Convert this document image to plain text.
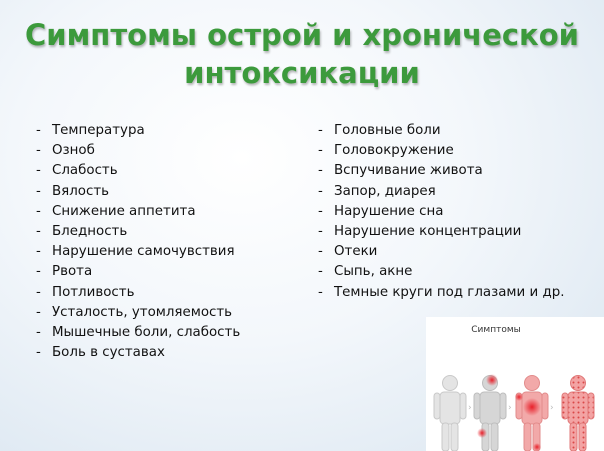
Симптомы острой и хронической
интоксикации
- Температура
- Озноб
- Слабость
- Вялость
- Снижение аппетита
- Бледность
- Нарушение самочувствия
- Рвота
- Потливость
- Усталость, утомляемость
- Мышечные боли, слабость
- Боль в суставах
- Головные боли
- Головокружение
- Вспучивание живота
- Запор, диарея
- Нарушение сна
- Нарушение концентрации
- Отеки
- Сыпь, акне
- Темные круги под глазами и др.
Симптомы
›	›	›
